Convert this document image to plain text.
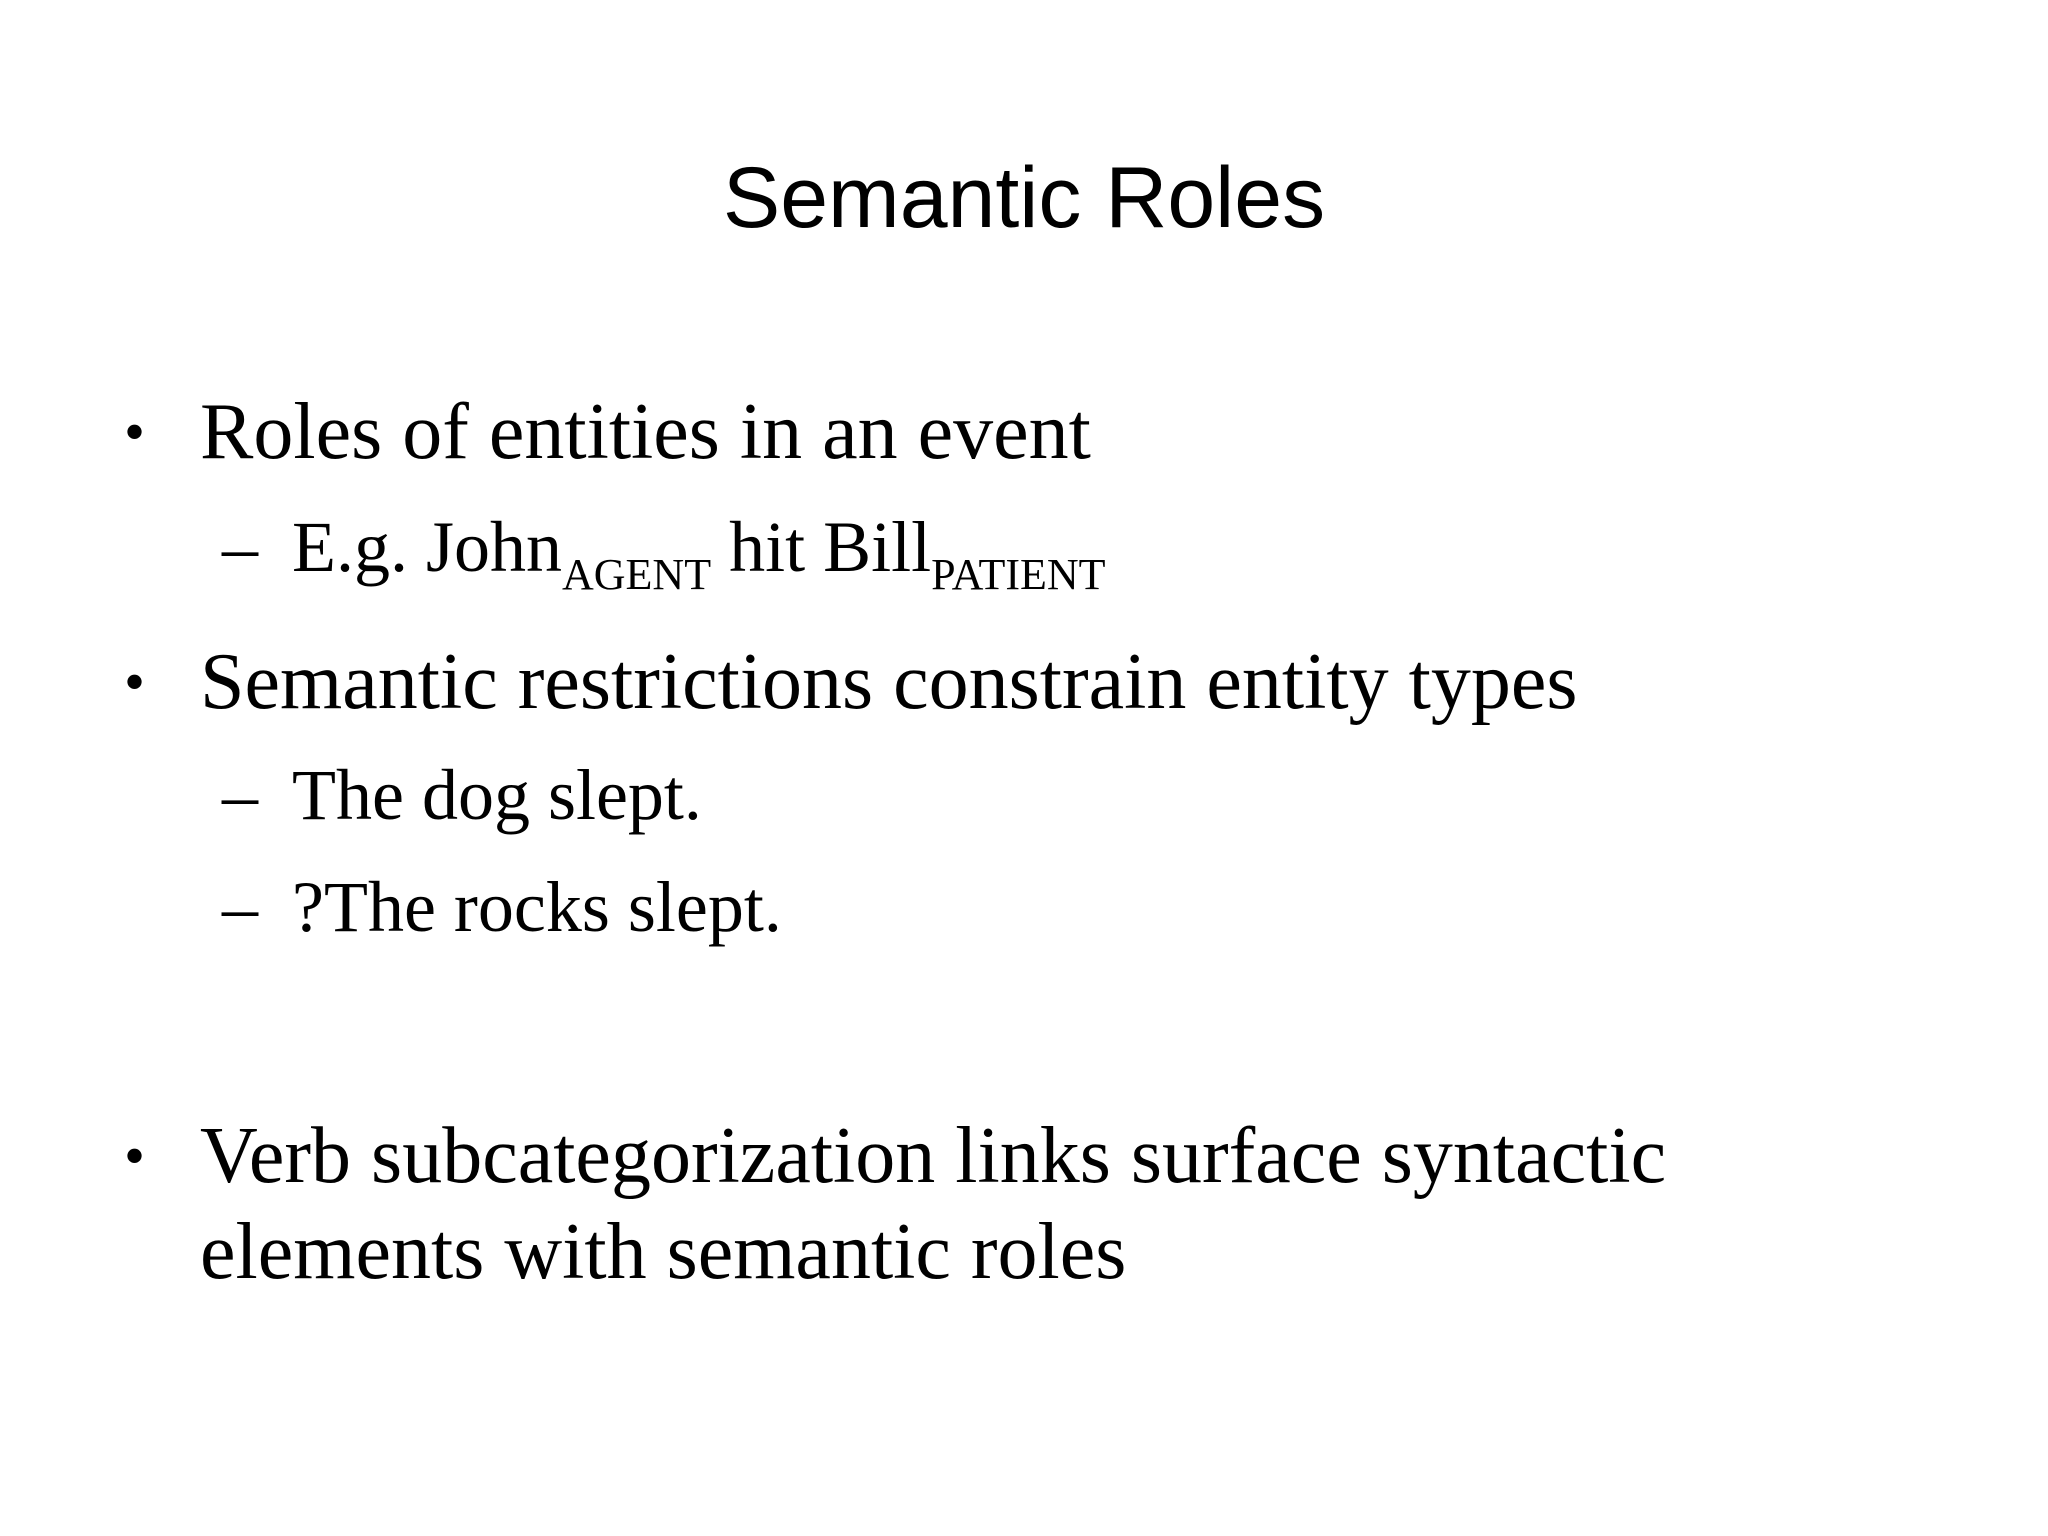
Semantic Roles
• Roles of entities in an event
– E.g. John$_{AGENT}$ hit Bill$_{PATIENT}$
• Semantic restrictions constrain entity types
– The dog slept.
– ?The rocks slept.
• Verb subcategorization links surface syntactic
elements with semantic roles
